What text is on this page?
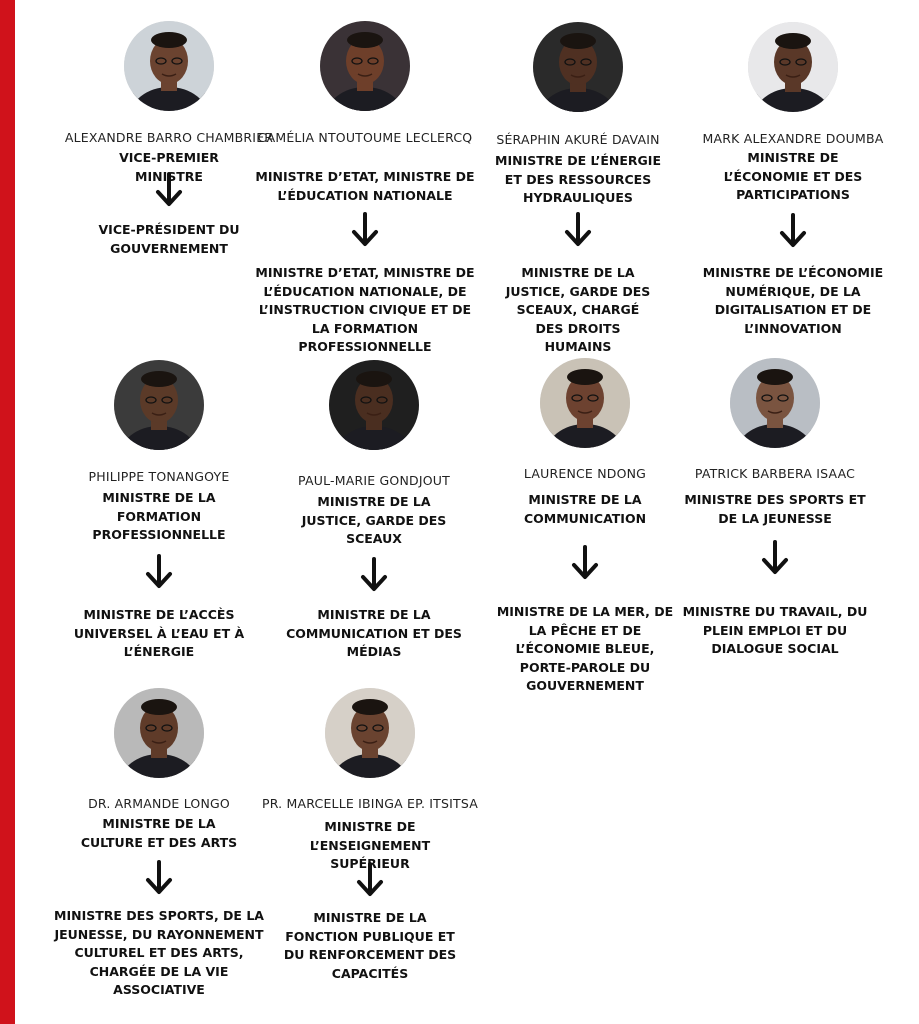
ALEXANDRE BARRO CHAMBRIER
VICE-PREMIER MINISTRE
VICE-PRÉSIDENT DU GOUVERNEMENT
CAMÉLIA NTOUTOUME LECLERCQ
MINISTRE D’ETAT, MINISTRE DE L’ÉDUCATION NATIONALE
MINISTRE D’ETAT, MINISTRE DE L’ÉDUCATION NATIONALE, DE L’INSTRUCTION CIVIQUE ET DE LA FORMATION PROFESSIONNELLE
SÉRAPHIN AKURÉ DAVAIN
MINISTRE DE L’ÉNERGIE ET DES RESSOURCES HYDRAULIQUES
MINISTRE DE LA JUSTICE, GARDE DES SCEAUX, CHARGÉ DES DROITS HUMAINS
MARK ALEXANDRE DOUMBA
MINISTRE DE L’ÉCONOMIE ET DES PARTICIPATIONS
MINISTRE DE L’ÉCONOMIE NUMÉRIQUE, DE LA DIGITALISATION ET DE L’INNOVATION
PHILIPPE TONANGOYE
MINISTRE DE LA FORMATION PROFESSIONNELLE
MINISTRE DE L’ACCÈS UNIVERSEL À L’EAU ET À L’ÉNERGIE
PAUL-MARIE GONDJOUT
MINISTRE DE LA JUSTICE, GARDE DES SCEAUX
MINISTRE DE LA COMMUNICATION ET DES MÉDIAS
LAURENCE NDONG
MINISTRE DE LA COMMUNICATION
MINISTRE DE LA MER, DE LA PÊCHE ET DE L’ÉCONOMIE BLEUE, PORTE-PAROLE DU GOUVERNEMENT
PATRICK BARBERA ISAAC
MINISTRE DES SPORTS ET DE LA JEUNESSE
MINISTRE DU TRAVAIL, DU PLEIN EMPLOI ET DU DIALOGUE SOCIAL
DR. ARMANDE LONGO
MINISTRE DE LA CULTURE ET DES ARTS
MINISTRE DES SPORTS, DE LA JEUNESSE, DU RAYONNEMENT CULTUREL ET DES ARTS, CHARGÉE DE LA VIE ASSOCIATIVE
PR. MARCELLE IBINGA EP. ITSITSA
MINISTRE DE L’ENSEIGNEMENT SUPÉRIEUR
MINISTRE DE LA FONCTION PUBLIQUE ET DU RENFORCEMENT DES CAPACITÉS
